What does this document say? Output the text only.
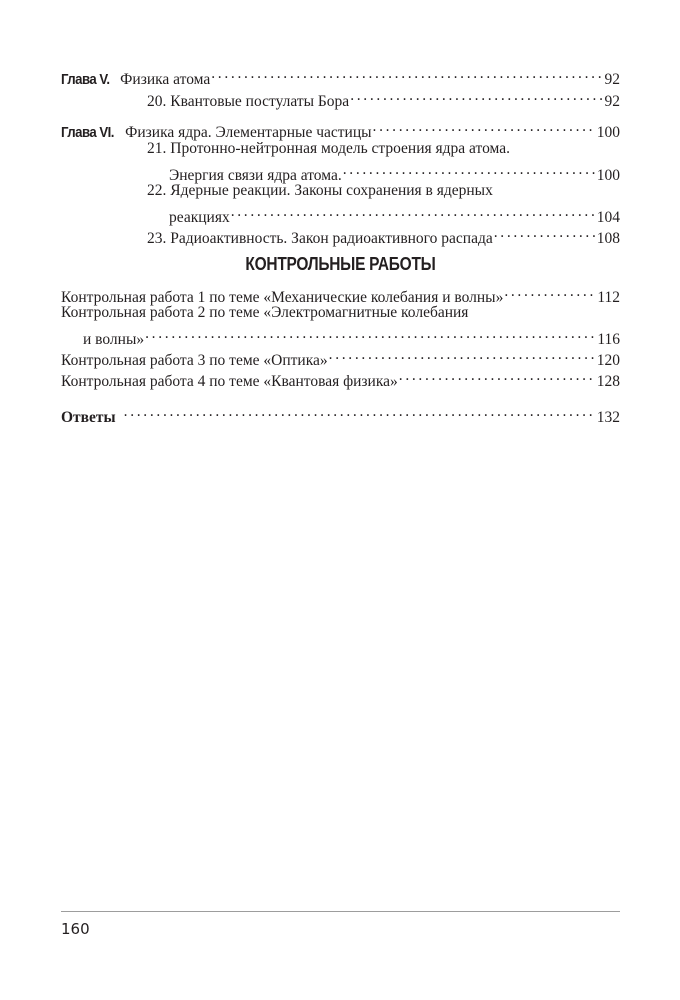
Глава V. Физика атома . . .	92
20. Квантовые постулаты Бора . . .	92
Глава VI. Физика ядра. Элементарные частицы . . .	100
21. Протонно-нейтронная модель строения ядра атома.
Энергия связи ядра атома. . . .	100
22. Ядерные реакции. Законы сохранения в ядерных
реакциях . . .	104
23. Радиоактивность. Закон радиоактивного распада . . .	108
КОНТРОЛЬНЫЕ РАБОТЫ
Контрольная работа 1 по теме «Механические колебания и волны» . . .	112
Контрольная работа 2 по теме «Электромагнитные колебания
и волны» . . .	116
Контрольная работа 3 по теме «Оптика» . . .	120
Контрольная работа 4 по теме «Квантовая физика» . . .	128
Ответы . . .	132
160
